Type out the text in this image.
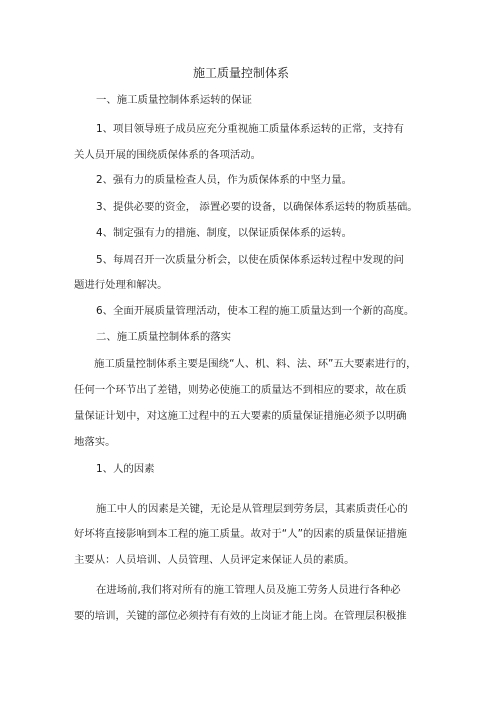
施工质量控制体系

一、施工质量控制体系运转的保证

1、项目领导班子成员应充分重视施工质量体系运转的正常，支持有

关人员开展的围绕质保体系的各项活动。

2、强有力的质量检查人员，作为质保体系的中坚力量。

3、提供必要的资金， 添置必要的设备，以确保体系运转的物质基础。

4、制定强有力的措施、制度，以保证质保体系的运转。

5、每周召开一次质量分析会，以使在质保体系运转过程中发现的问

题进行处理和解决。

6、全面开展质量管理活动，使本工程的施工质量达到一个新的高度。

二、施工质量控制体系的落实

施工质量控制体系主要是围绕“人、机、料、法、环”五大要素进行的，

任何一个环节出了差错，则势必使施工的质量达不到相应的要求，故在质

量保证计划中，对这施工过程中的五大要素的质量保证措施必须予以明确

地落实。

1、人的因素

施工中人的因素是关键，无论是从管理层到劳务层，其素质责任心的

好坏将直接影响到本工程的施工质量。故对于“人”的因素的质量保证措施

主要从：人员培训、人员管理、人员评定来保证人员的素质。

在进场前,我们将对所有的施工管理人员及施工劳务人员进行各种必

要的培训，关键的部位必须持有有效的上岗证才能上岗。在管理层积极推
